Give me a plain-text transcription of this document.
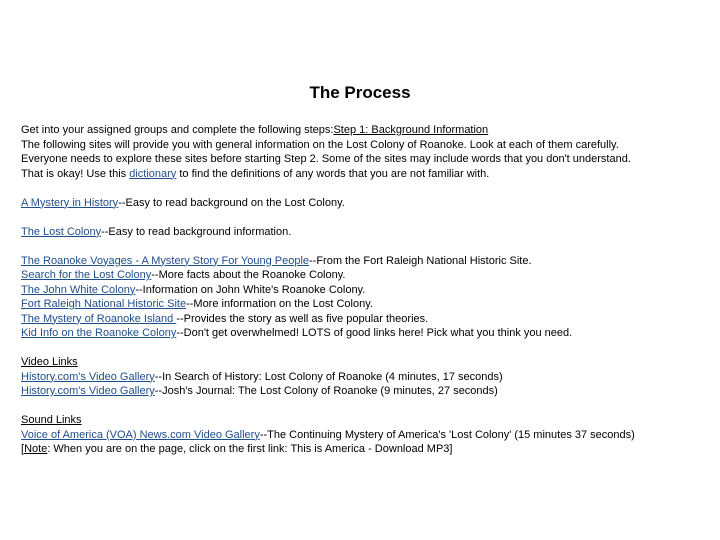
The Process

Get into your assigned groups and complete the following steps:Step 1: Background Information

The following sites will provide you with general information on the Lost Colony of Roanoke. Look at each of them carefully.

Everyone needs to explore these sites before starting Step 2. Some of the sites may include words that you don't understand.

That is okay! Use this dictionary to find the definitions of any words that you are not familiar with.

A Mystery in History--Easy to read background on the Lost Colony.

The Lost Colony--Easy to read background information.

The Roanoke Voyages - A Mystery Story For Young People--From the Fort Raleigh National Historic Site.

Search for the Lost Colony--More facts about the Roanoke Colony.

The John White Colony--Information on John White's Roanoke Colony.

Fort Raleigh National Historic Site--More information on the Lost Colony.

The Mystery of Roanoke Island --Provides the story as well as five popular theories.

Kid Info on the Roanoke Colony--Don't get overwhelmed! LOTS of good links here! Pick what you think you need.

Video Links

History.com's Video Gallery--In Search of History: Lost Colony of Roanoke (4 minutes, 17 seconds)

History.com's Video Gallery--Josh's Journal: The Lost Colony of Roanoke (9 minutes, 27 seconds)

Sound Links

Voice of America (VOA) News.com Video Gallery--The Continuing Mystery of America's 'Lost Colony' (15 minutes 37 seconds)

[Note: When you are on the page, click on the first link: This is America - Download MP3]
